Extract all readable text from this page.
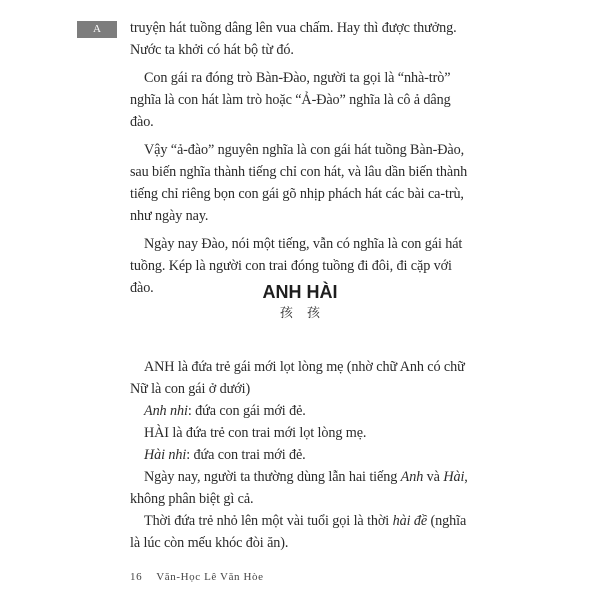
A	truyện hát tuồng dâng lên vua chấm. Hay thì được thưởng. Nước ta khởi có hát bộ từ đó.

Con gái ra đóng trò Bàn-Đào, người ta gọi là “nhà-trò” nghĩa là con hát làm trò hoặc “Ả-Đào” nghĩa là cô ả dâng đào.

Vậy “ả-đào” nguyên nghĩa là con gái hát tuồng Bàn-Đào, sau biến nghĩa thành tiếng chỉ con hát, và lâu dần biến thành tiếng chỉ riêng bọn con gái gõ nhịp phách hát các bài ca-trù, như ngày nay.

Ngày nay Đào, nói một tiếng, vẫn có nghĩa là con gái hát tuồng. Kép là người con trai đóng tuồng đi đôi, đi cặp với đào.	ANH HÀI
孩 孩

ANH là đứa trẻ gái mới lọt lòng mẹ (nhờ chữ Anh có chữ Nữ là con gái ở dưới)

Anh nhi: đứa con gái mới đẻ.

HÀI là đứa trẻ con trai mới lọt lòng mẹ.

Hài nhi: đứa con trai mới đẻ.

Ngày nay, người ta thường dùng lẫn hai tiếng Anh và Hài, không phân biệt gì cả.

Thời đứa trẻ nhỏ lên một vài tuổi gọi là thời hài đề (nghĩa là lúc còn mếu khóc đòi ăn).

16 Văn-Học Lê Văn Hòe
